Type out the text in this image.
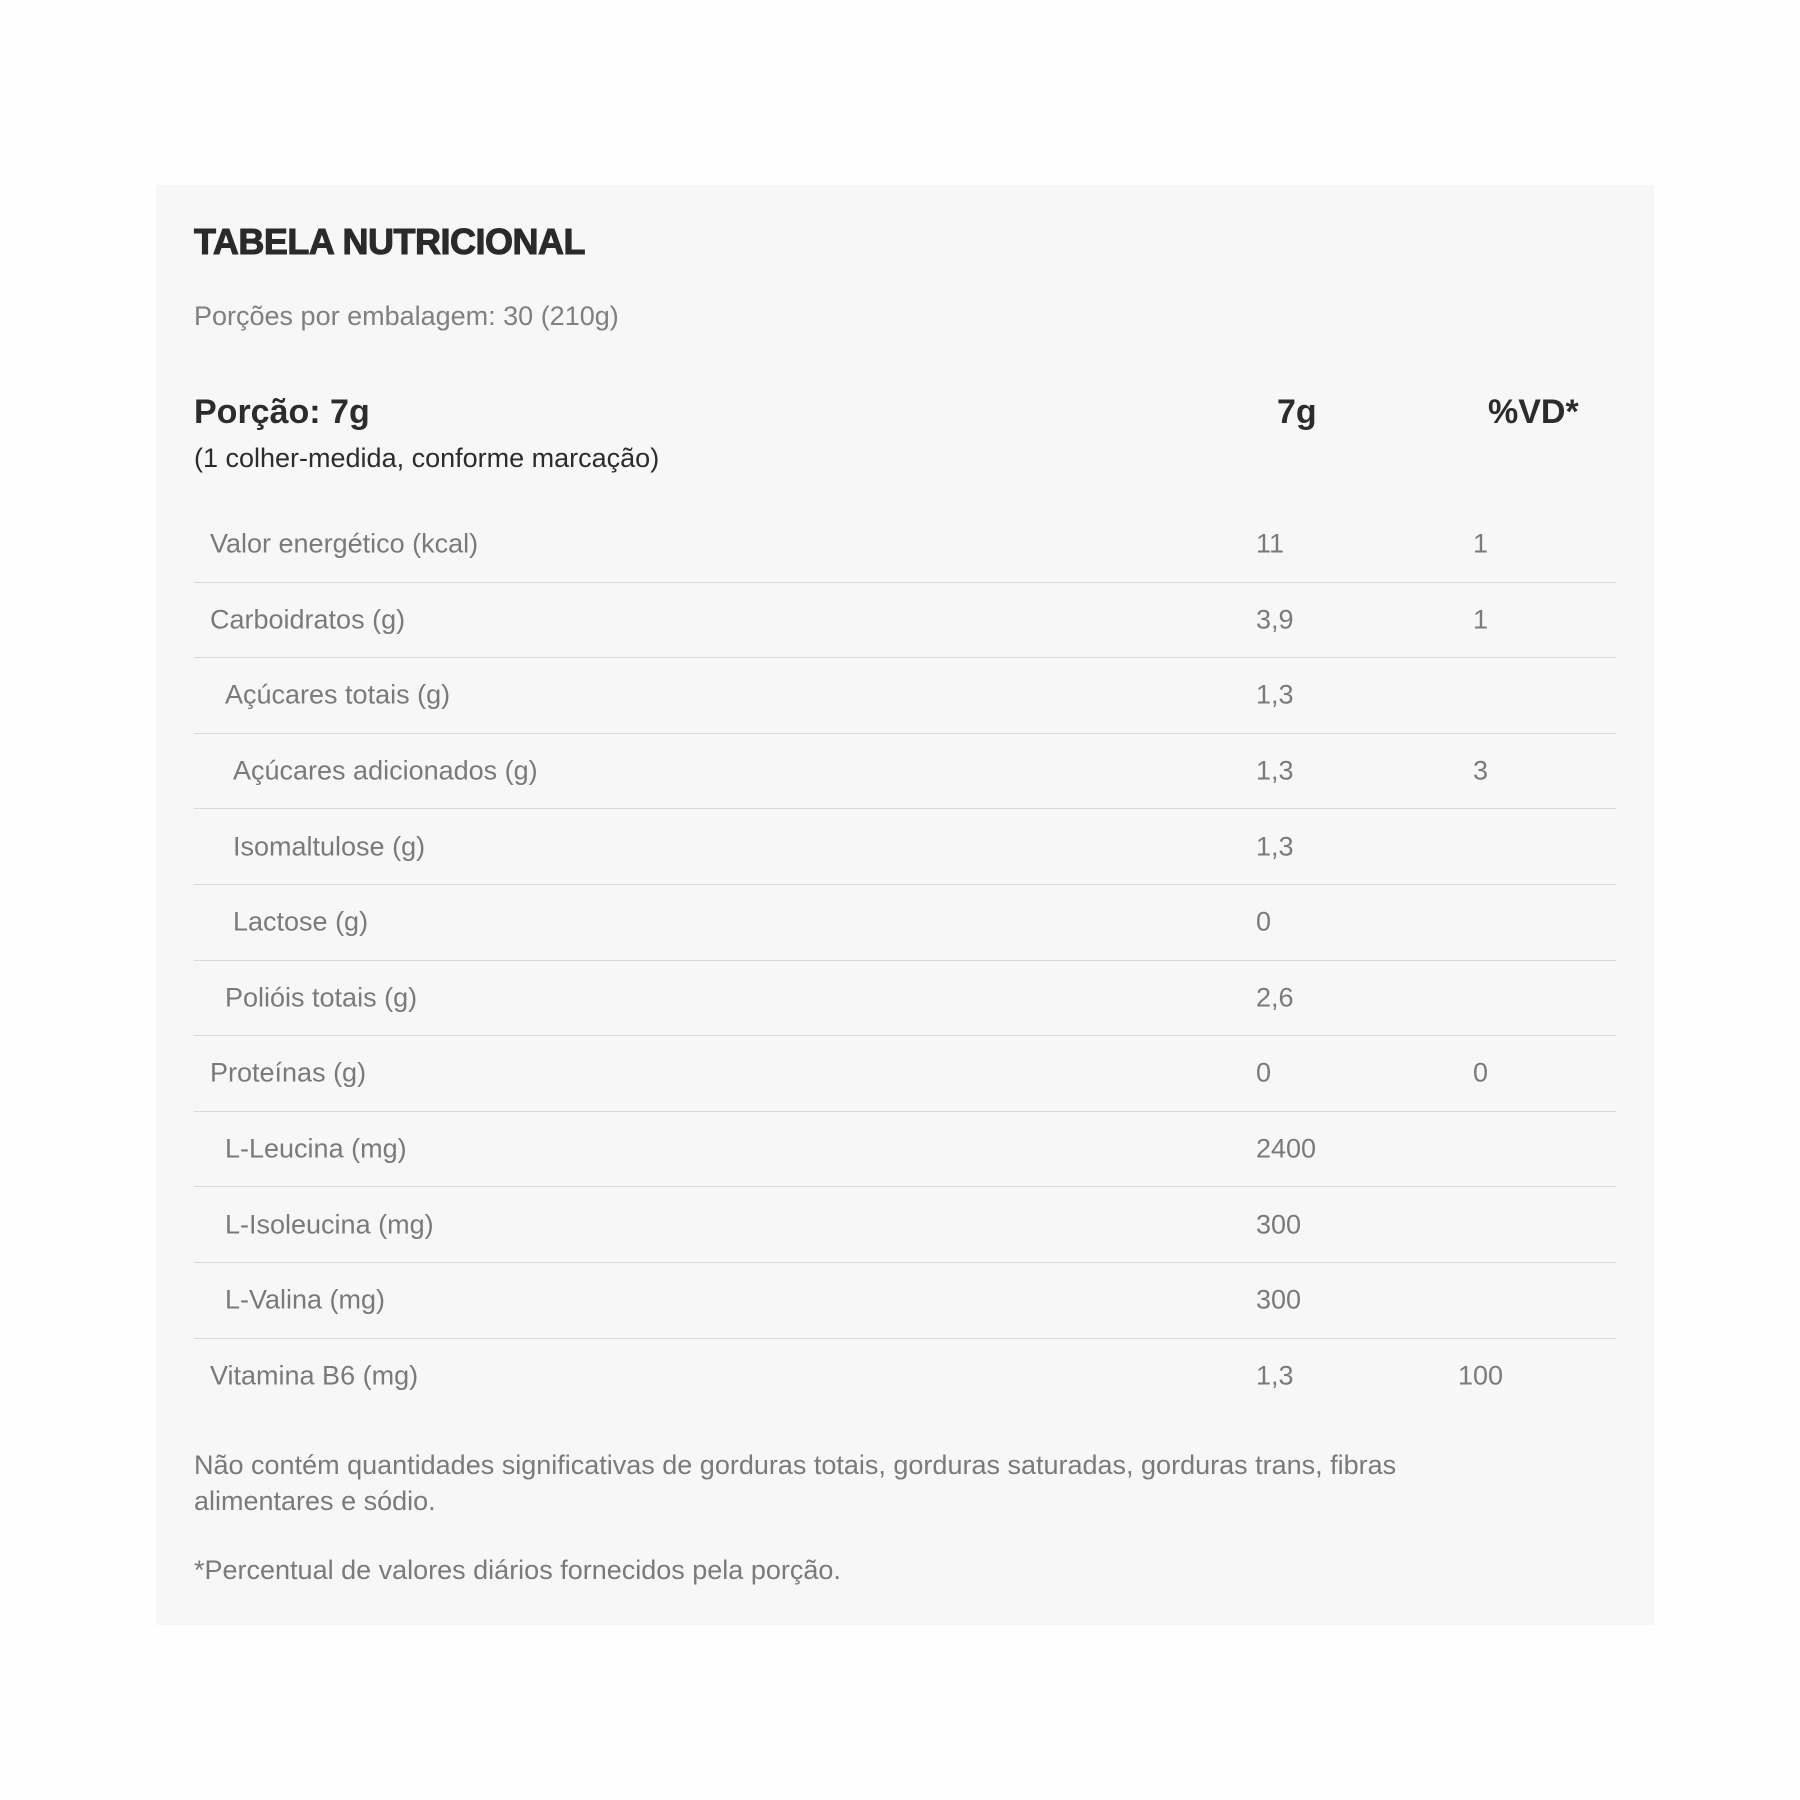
TABELA NUTRICIONAL
Porções por embalagem: 30 (210g)
Porção: 7g
(1 colher-medida, conforme marcação)
7g	%VD*
Valor energético (kcal)	11	1
Carboidratos (g)	3,9	1
Açúcares totais (g)	1,3
Açúcares adicionados (g)	1,3	3
Isomaltulose (g)	1,3
Lactose (g)	0
Polióis totais (g)	2,6
Proteínas (g)	0	0
L-Leucina (mg)	2400
L-Isoleucina (mg)	300
L-Valina (mg)	300
Vitamina B6 (mg)	1,3	100
Não contém quantidades significativas de gorduras totais, gorduras saturadas, gorduras trans, fibras alimentares e sódio.
*Percentual de valores diários fornecidos pela porção.
